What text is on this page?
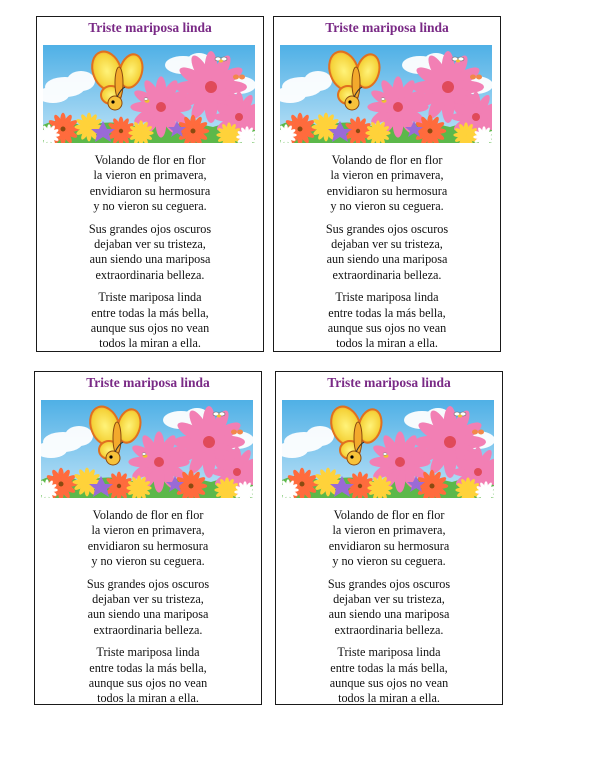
Triste mariposa linda
Volando de flor en flor
la vieron en primavera,
envidiaron su hermosura
y no vieron su ceguera.
Sus grandes ojos oscuros
dejaban ver su tristeza,
aun siendo una mariposa
extraordinaria belleza.
Triste mariposa linda
entre todas la más bella,
aunque sus ojos no vean
todos la miran a ella.
Triste mariposa linda
Volando de flor en flor
la vieron en primavera,
envidiaron su hermosura
y no vieron su ceguera.
Sus grandes ojos oscuros
dejaban ver su tristeza,
aun siendo una mariposa
extraordinaria belleza.
Triste mariposa linda
entre todas la más bella,
aunque sus ojos no vean
todos la miran a ella.
Triste mariposa linda
Volando de flor en flor
la vieron en primavera,
envidiaron su hermosura
y no vieron su ceguera.
Sus grandes ojos oscuros
dejaban ver su tristeza,
aun siendo una mariposa
extraordinaria belleza.
Triste mariposa linda
entre todas la más bella,
aunque sus ojos no vean
todos la miran a ella.
Triste mariposa linda
Volando de flor en flor
la vieron en primavera,
envidiaron su hermosura
y no vieron su ceguera.
Sus grandes ojos oscuros
dejaban ver su tristeza,
aun siendo una mariposa
extraordinaria belleza.
Triste mariposa linda
entre todas la más bella,
aunque sus ojos no vean
todos la miran a ella.
